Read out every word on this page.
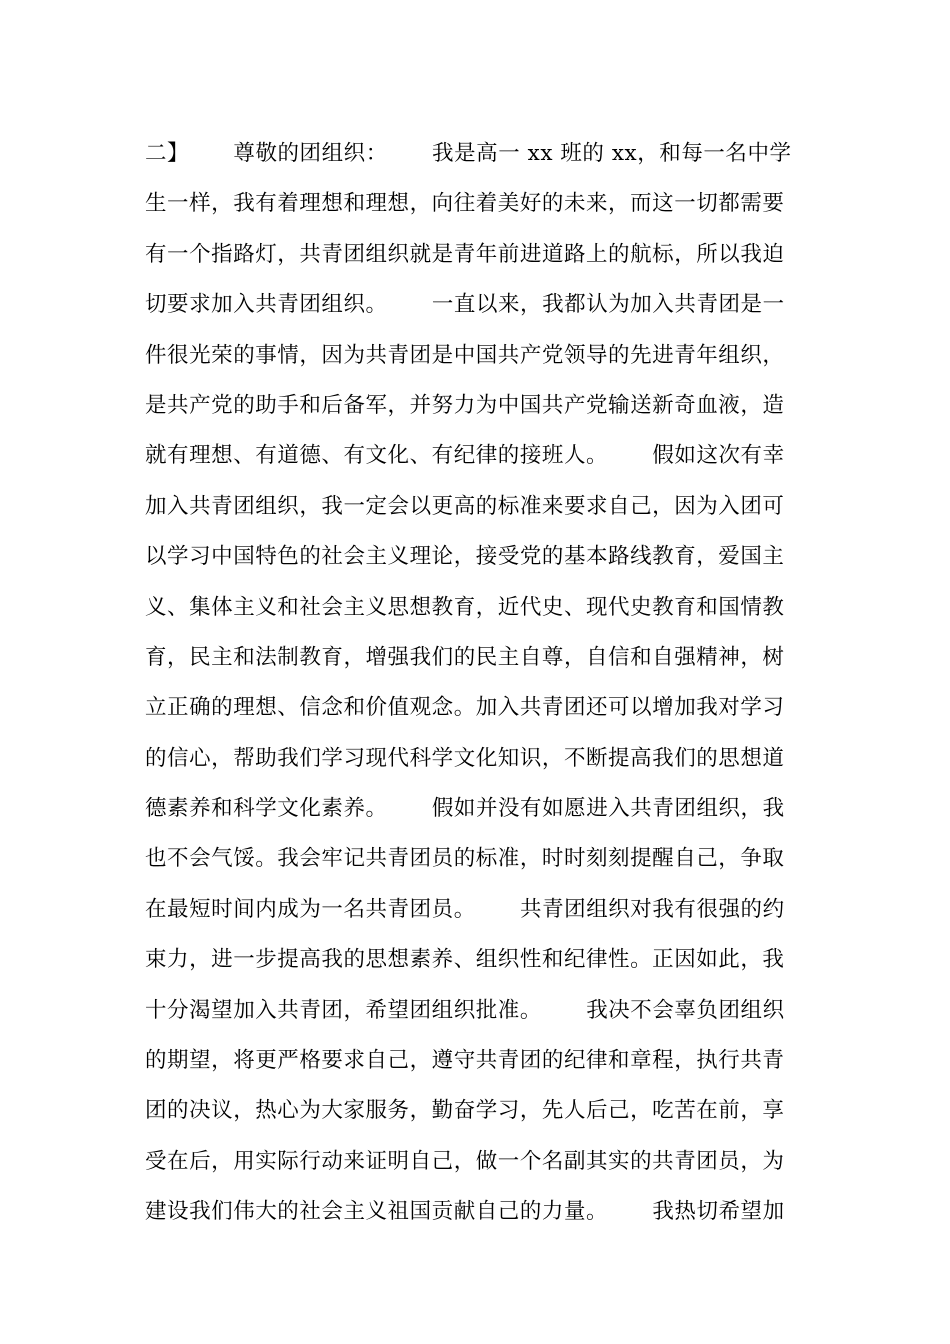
二】      尊敬的团组织：      我是高一 xx 班的 xx，和每一名中学
生一样，我有着理想和理想，向往着美好的未来，而这一切都需要
有一个指路灯，共青团组织就是青年前进道路上的航标，所以我迫
切要求加入共青团组织。      一直以来，我都认为加入共青团是一
件很光荣的事情，因为共青团是中国共产党领导的先进青年组织，
是共产党的助手和后备军，并努力为中国共产党输送新奇血液，造
就有理想、有道德、有文化、有纪律的接班人。      假如这次有幸
加入共青团组织，我一定会以更高的标准来要求自己，因为入团可
以学习中国特色的社会主义理论，接受党的基本路线教育，爱国主
义、集体主义和社会主义思想教育，近代史、现代史教育和国情教
育，民主和法制教育，增强我们的民主自尊，自信和自强精神，树
立正确的理想、信念和价值观念。加入共青团还可以增加我对学习
的信心，帮助我们学习现代科学文化知识，不断提高我们的思想道
德素养和科学文化素养。      假如并没有如愿进入共青团组织，我
也不会气馁。我会牢记共青团员的标准，时时刻刻提醒自己，争取
在最短时间内成为一名共青团员。      共青团组织对我有很强的约
束力，进一步提高我的思想素养、组织性和纪律性。正因如此，我
十分渴望加入共青团，希望团组织批准。      我决不会辜负团组织
的期望，将更严格要求自己，遵守共青团的纪律和章程，执行共青
团的决议，热心为大家服务，勤奋学习，先人后己，吃苦在前，享
受在后，用实际行动来证明自己，做一个名副其实的共青团员，为
建设我们伟大的社会主义祖国贡献自己的力量。      我热切希望加
